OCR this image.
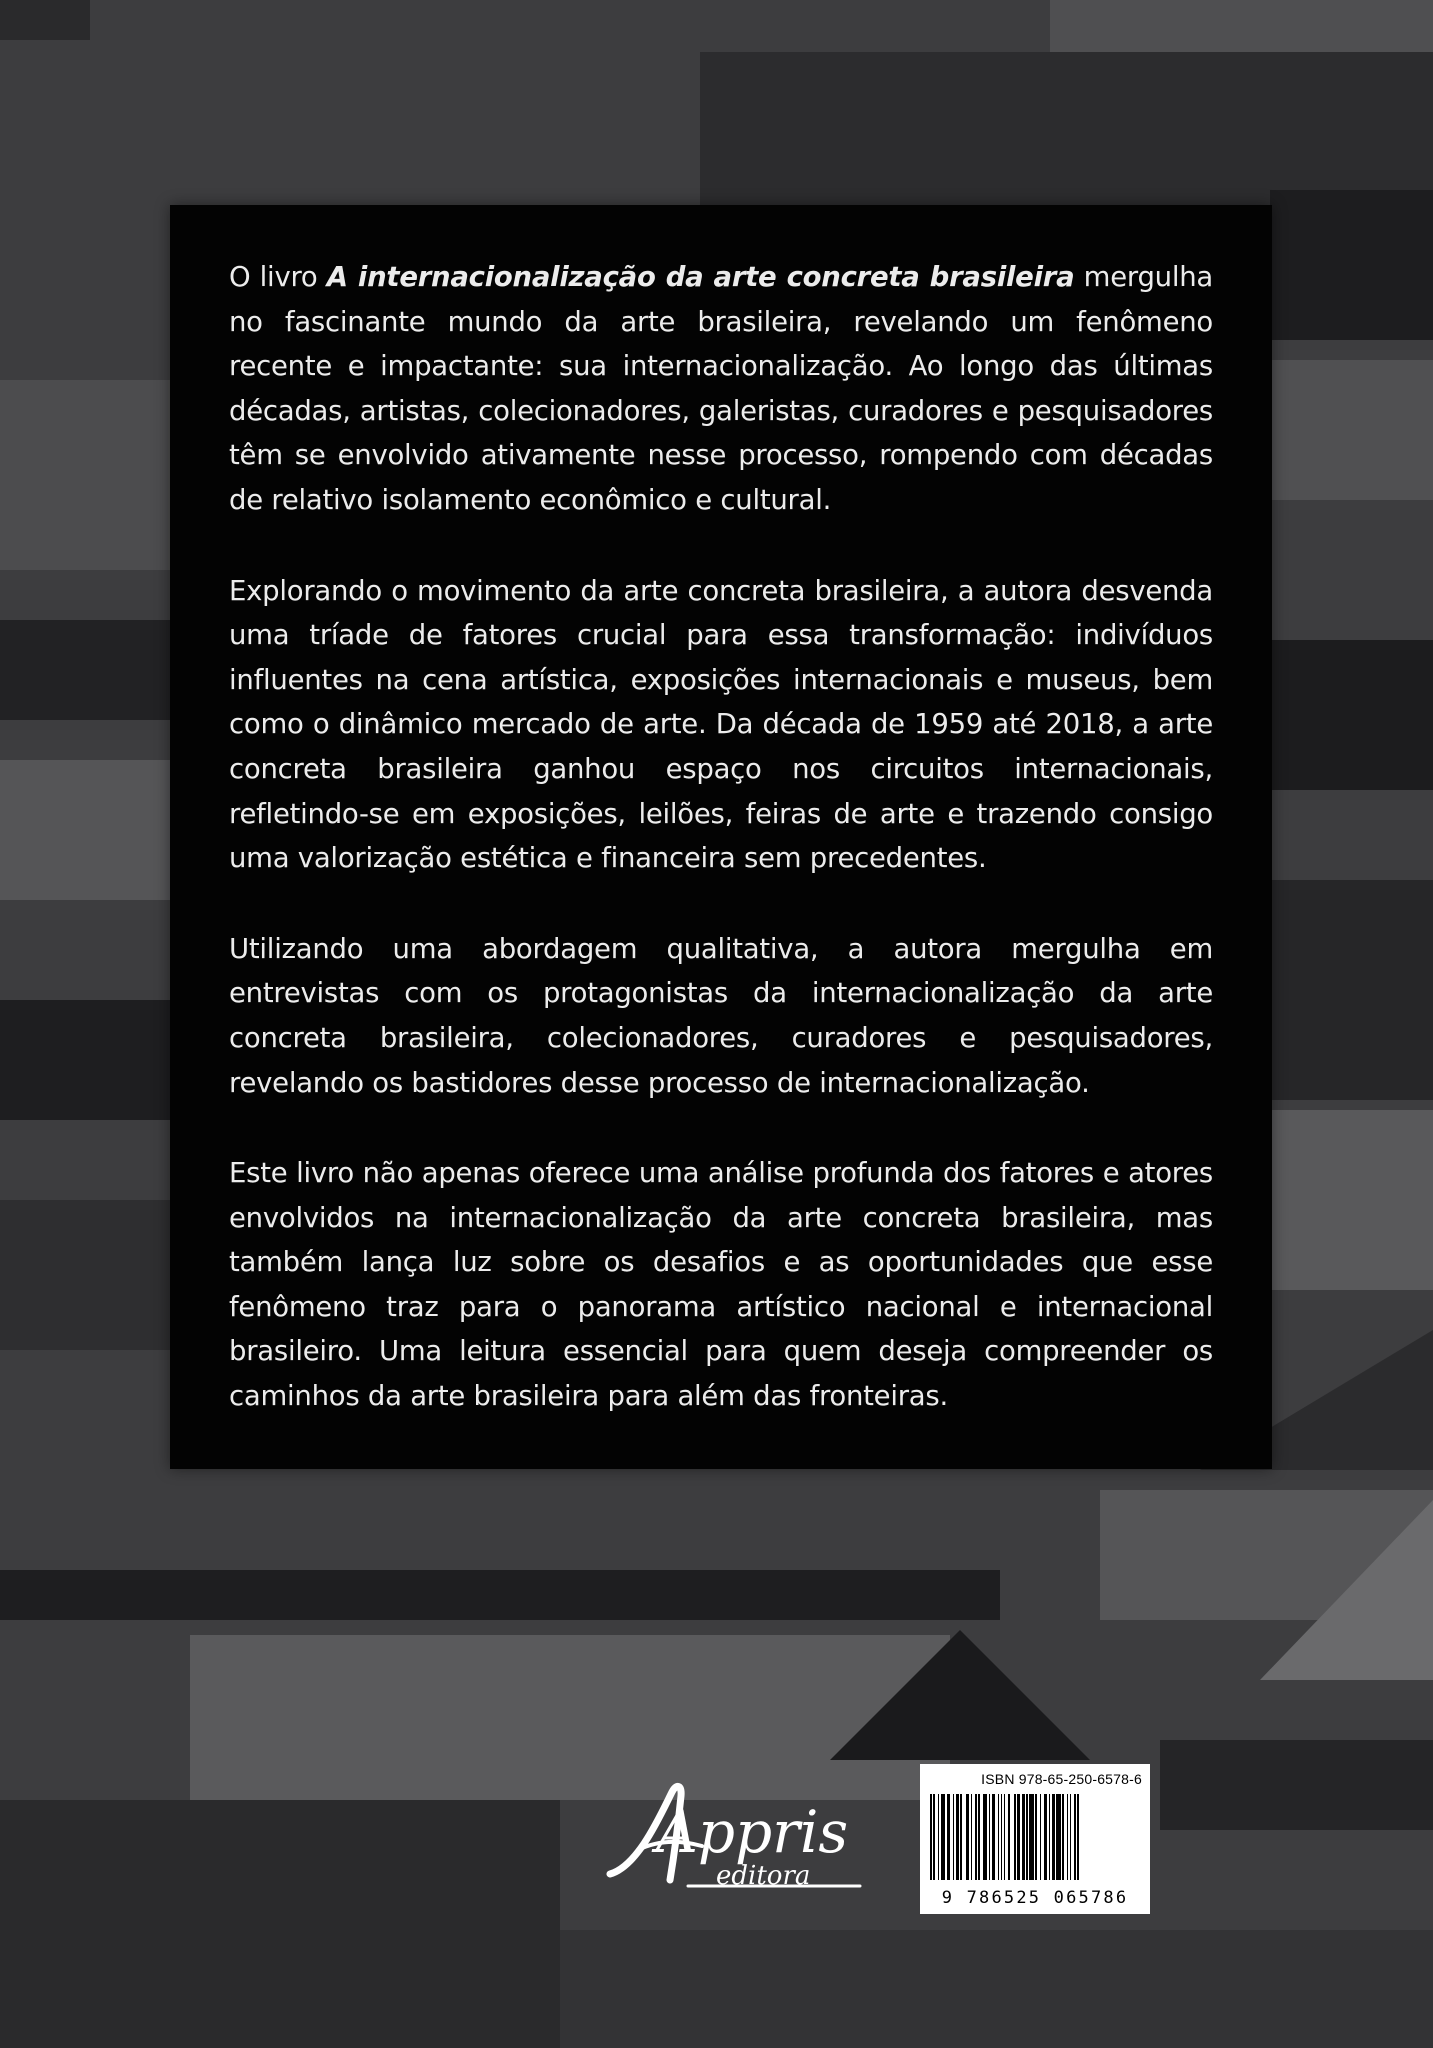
O livro A internacionalização da arte concreta brasileira mergulha no fascinante mundo da arte brasileira, revelando um fenômeno recente e impactante: sua internacionalização. Ao longo das últimas décadas, artistas, colecionadores, galeristas, curadores e pesquisadores têm se envolvido ativamente nesse processo, rompendo com décadas de relativo isolamento econômico e cultural.

Explorando o movimento da arte concreta brasileira, a autora desvenda uma tríade de fatores crucial para essa transformação: indivíduos influentes na cena artística, exposições internacionais e museus, bem como o dinâmico mercado de arte. Da década de 1959 até 2018, a arte concreta brasileira ganhou espaço nos circuitos internacionais, refletindo-se em exposições, leilões, feiras de arte e trazendo consigo uma valorização estética e financeira sem precedentes.

Utilizando uma abordagem qualitativa, a autora mergulha em entrevistas com os protagonistas da internacionalização da arte concreta brasileira, colecionadores, curadores e pesquisadores, revelando os bastidores desse processo de internacionalização.

Este livro não apenas oferece uma análise profunda dos fatores e atores envolvidos na internacionalização da arte concreta brasileira, mas também lança luz sobre os desafios e as oportunidades que esse fenômeno traz para o panorama artístico nacional e internacional brasileiro. Uma leitura essencial para quem deseja compreender os caminhos da arte brasileira para além das fronteiras.

Appris
editora
ISBN 978-65-250-6578-6
9 786525 065786
